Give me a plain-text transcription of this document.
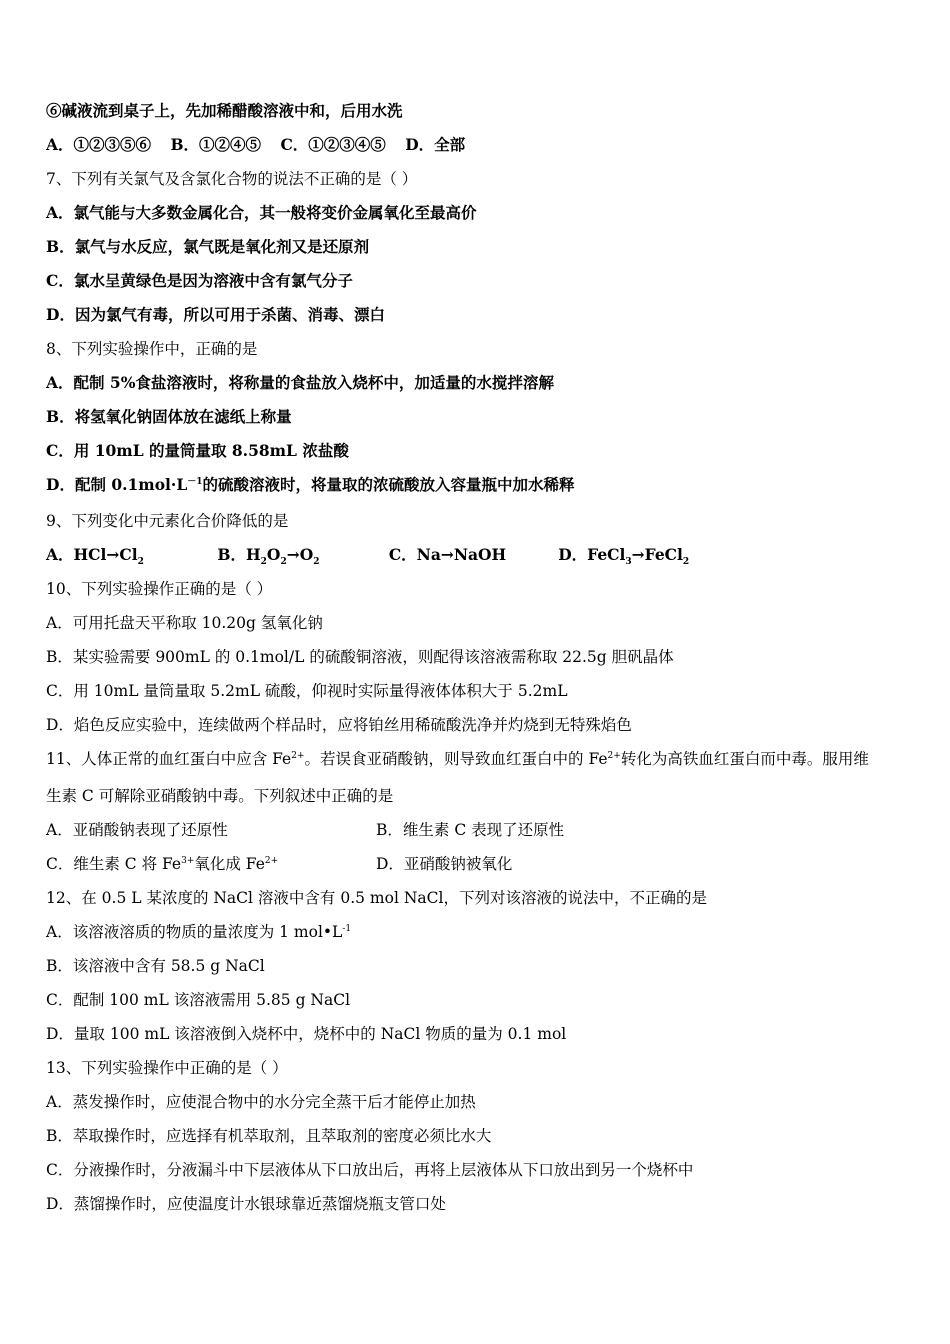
⑥碱液流到桌子上，先加稀醋酸溶液中和，后用水洗
A．①②③⑤⑥ B．①②④⑤ C．①②③④⑤ D．全部
7、下列有关氯气及含氯化合物的说法不正确的是（ ）
A．氯气能与大多数金属化合，其一般将变价金属氧化至最高价
B．氯气与水反应，氯气既是氧化剂又是还原剂
C．氯水呈黄绿色是因为溶液中含有氯气分子
D．因为氯气有毒，所以可用于杀菌、消毒、漂白
8、下列实验操作中，正确的是
A．配制 5%食盐溶液时，将称量的食盐放入烧杯中，加适量的水搅拌溶解
B．将氢氧化钠固体放在滤纸上称量
C．用 10mL 的量筒量取 8.58mL 浓盐酸
D．配制 $0.1mol\cdot L^{-1}$的硫酸溶液时，将量取的浓硫酸放入容量瓶中加水稀释
9、下列变化中元素化合价降低的是
A．$HCl\to Cl_2$	B．$H_2O_2\to O_2$	C．Na→NaOH	D．FeCl$_3$→FeCl$_2$
10、下列实验操作正确的是（ ）
A．可用托盘天平称取 10.20g 氢氧化钠
B．某实验需要 900mL 的 0.1mol/L 的硫酸铜溶液，则配得该溶液需称取 22.5g 胆矾晶体
C．用 10mL 量筒量取 5.2mL 硫酸，仰视时实际量得液体体积大于 5.2mL
D．焰色反应实验中，连续做两个样品时，应将铂丝用稀硫酸洗净并灼烧到无特殊焰色
11、人体正常的血红蛋白中应含 $Fe^{2+}$。若误食亚硝酸钠，则导致血红蛋白中的 $Fe^{2+}$转化为高铁血红蛋白而中毒。服用维
生素 C 可解除亚硝酸钠中毒。下列叙述中正确的是
A．亚硝酸钠表现了还原性	B．维生素 C 表现了还原性
C．维生素 C 将 $Fe^{3+}$氧化成 $Fe^{2+}$	D．亚硝酸钠被氧化
12、在 0.5 L 某浓度的 NaCl 溶液中含有 0.5 mol NaCl，下列对该溶液的说法中，不正确的是
A．该溶液溶质的物质的量浓度为 1 $mol•L^{-1}$
B．该溶液中含有 58.5 g NaCl
C．配制 100 mL 该溶液需用 5.85 g NaCl
D．量取 100 mL 该溶液倒入烧杯中，烧杯中的 NaCl 物质的量为 0.1 mol
13、下列实验操作中正确的是（ ）
A．蒸发操作时，应使混合物中的水分完全蒸干后才能停止加热
B．萃取操作时，应选择有机萃取剂，且萃取剂的密度必须比水大
C．分液操作时，分液漏斗中下层液体从下口放出后，再将上层液体从下口放出到另一个烧杯中
D．蒸馏操作时，应使温度计水银球靠近蒸馏烧瓶支管口处
